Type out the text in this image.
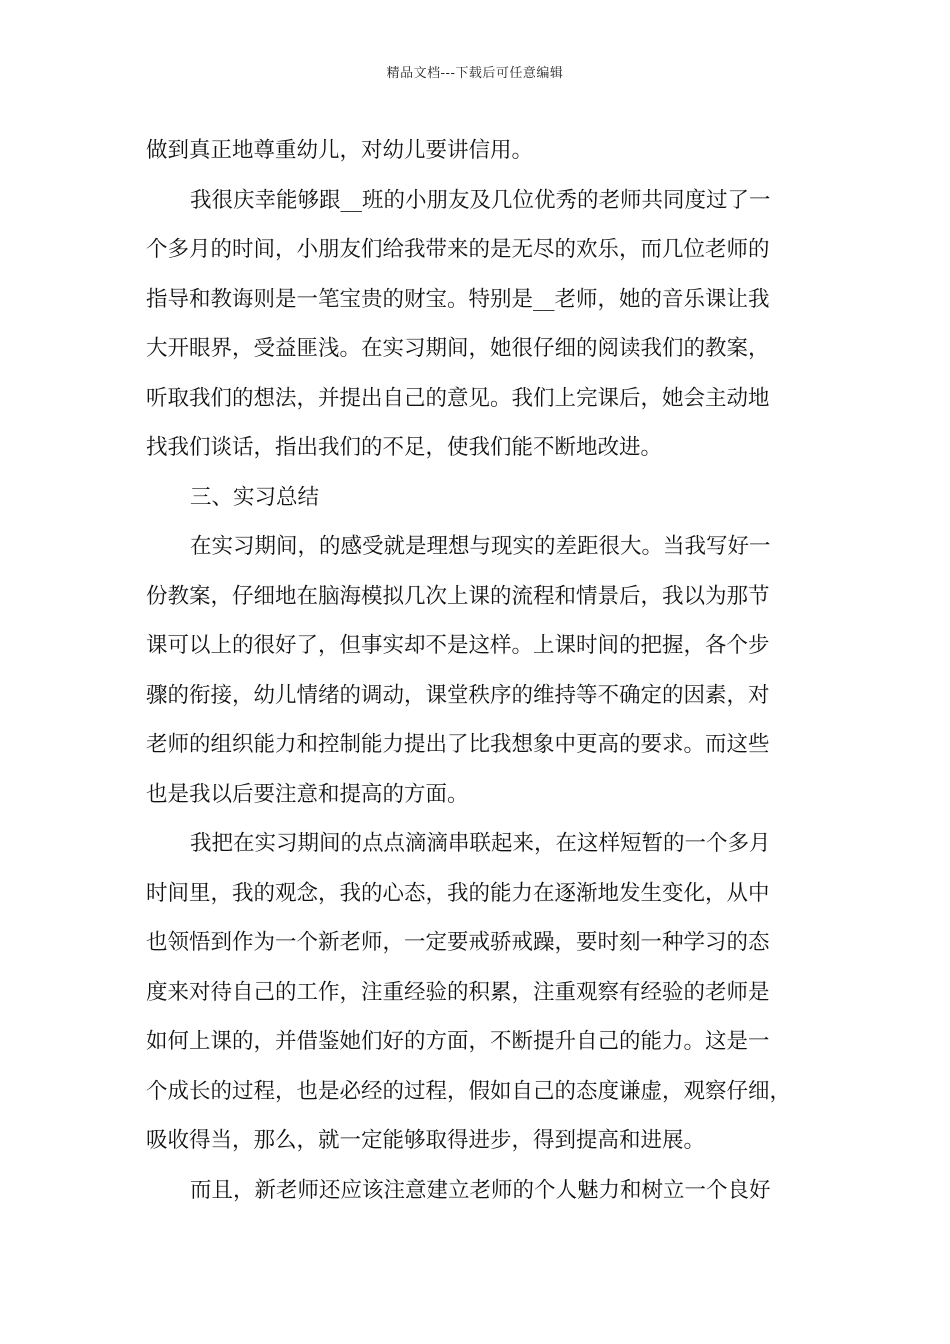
精品文档---下载后可任意编辑
做到真正地尊重幼儿，对幼儿要讲信用。
我很庆幸能够跟__班的小朋友及几位优秀的老师共同度过了一
个多月的时间，小朋友们给我带来的是无尽的欢乐，而几位老师的
指导和教诲则是一笔宝贵的财宝。特别是__老师，她的音乐课让我
大开眼界，受益匪浅。在实习期间，她很仔细的阅读我们的教案，
听取我们的想法，并提出自己的意见。我们上完课后，她会主动地
找我们谈话，指出我们的不足，使我们能不断地改进。
三、实习总结
在实习期间，的感受就是理想与现实的差距很大。当我写好一
份教案，仔细地在脑海模拟几次上课的流程和情景后，我以为那节
课可以上的很好了，但事实却不是这样。上课时间的把握，各个步
骤的衔接，幼儿情绪的调动，课堂秩序的维持等不确定的因素，对
老师的组织能力和控制能力提出了比我想象中更高的要求。而这些
也是我以后要注意和提高的方面。
我把在实习期间的点点滴滴串联起来，在这样短暂的一个多月
时间里，我的观念，我的心态，我的能力在逐渐地发生变化，从中
也领悟到作为一个新老师，一定要戒骄戒躁，要时刻一种学习的态
度来对待自己的工作，注重经验的积累，注重观察有经验的老师是
如何上课的，并借鉴她们好的方面，不断提升自己的能力。这是一
个成长的过程，也是必经的过程，假如自己的态度谦虚，观察仔细，
吸收得当，那么，就一定能够取得进步，得到提高和进展。
而且，新老师还应该注意建立老师的个人魅力和树立一个良好
